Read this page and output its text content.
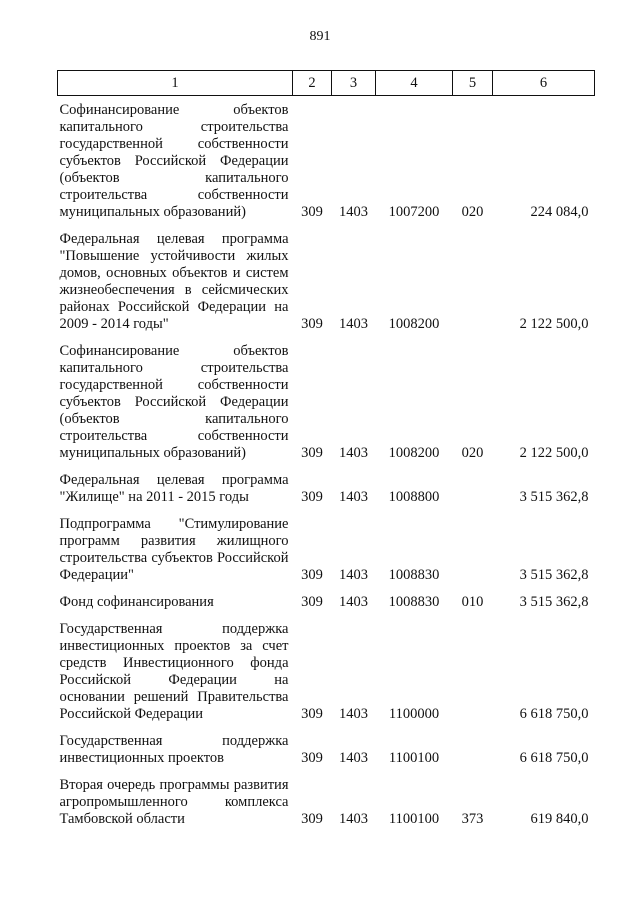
891
1	2	3	4	5	6
Софинансирование объектов капитального строительства государственной собственности субъектов Российской Федерации (объектов капитального строительства собственности муниципальных образований)	309	1403	1007200	020	224 084,0
Федеральная целевая программа "Повышение устойчивости жилых домов, основных объектов и систем жизнеобеспечения в сейсмических районах Российской Федерации на 2009 - 2014 годы"	309	1403	1008200		2 122 500,0
Софинансирование объектов капитального строительства государственной собственности субъектов Российской Федерации (объектов капитального строительства собственности муниципальных образований)	309	1403	1008200	020	2 122 500,0
Федеральная целевая программа "Жилище" на 2011 - 2015 годы	309	1403	1008800		3 515 362,8
Подпрограмма "Стимулирование программ развития жилищного строительства субъектов Российской Федерации"	309	1403	1008830		3 515 362,8
Фонд софинансирования	309	1403	1008830	010	3 515 362,8
Государственная поддержка инвестиционных проектов за счет средств Инвестиционного фонда Российской Федерации на основании решений Правительства Российской Федерации	309	1403	1100000		6 618 750,0
Государственная поддержка инвестиционных проектов	309	1403	1100100		6 618 750,0
Вторая очередь программы развития агропромышленного комплекса Тамбовской области	309	1403	1100100	373	619 840,0
